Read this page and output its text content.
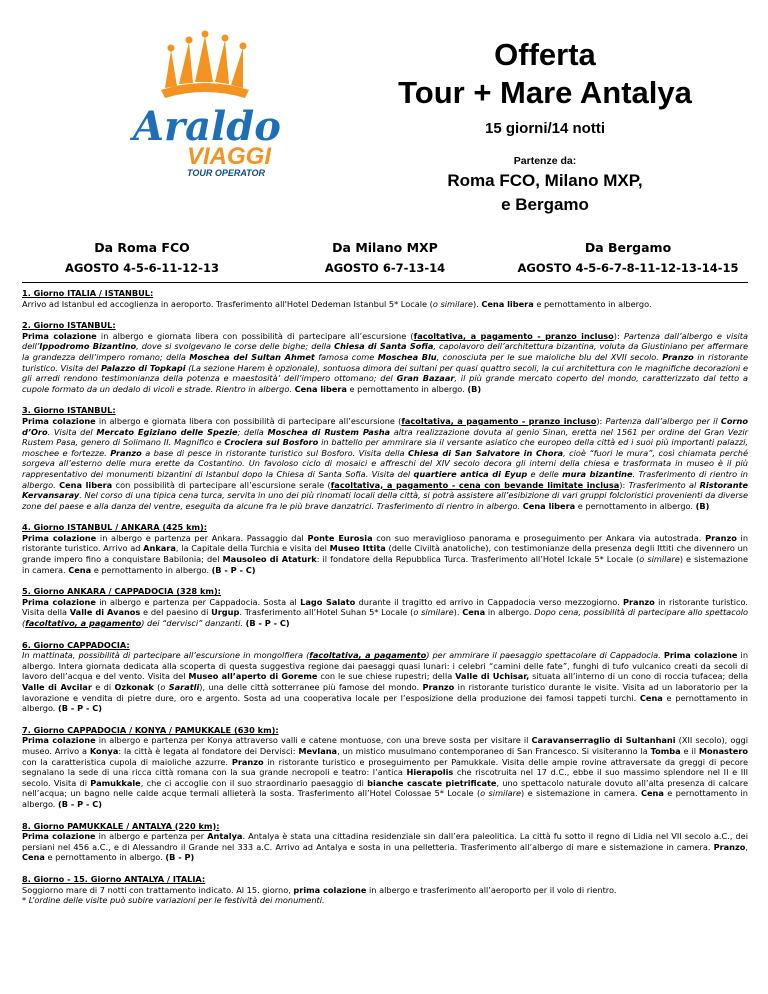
Araldo
VIAGGI
TOUR OPERATOR
Offerta
Tour + Mare Antalya
15 giorni/14 notti
Partenze da:
Roma FCO, Milano MXP,
e Bergamo
Da Roma FCO
AGOSTO 4-5-6-11-12-13
Da Milano MXP
AGOSTO 6-7-13-14
Da Bergamo
AGOSTO 4-5-6-7-8-11-12-13-14-15
1. Giorno ITALIA / ISTANBUL:

Arrivo ad Istanbul ed accoglienza in aeroporto. Trasferimento all'Hotel Dedeman Istanbul 5* Locale (o similare). Cena libera e pernottamento in albergo.

2. Giorno ISTANBUL:

Prima colazione in albergo e giornata libera con possibilità di partecipare all’escursione (facoltativa, a pagamento - pranzo incluso): Partenza dall’albergo e visita dell’Ippodromo Bizantino, dove si svolgevano le corse delle bighe; della Chiesa di Santa Sofia, capolavoro dell’architettura bizantina, voluta da Giustiniano per affermare la grandezza dell’impero romano; della Moschea del Sultan Ahmet famosa come Moschea Blu, conosciuta per le sue maioliche blu del XVII secolo. Pranzo in ristorante turistico. Visita del Palazzo di Topkapi (La sezione Harem è opzionale), sontuosa dimora dei sultani per quasi quattro secoli, la cui architettura con le magnifiche decorazioni e gli arredi rendono testimonianza della potenza e maestosità’ dell’impero ottomano; del Gran Bazaar, il più grande mercato coperto del mondo, caratterizzato dal tetto a cupole formato da un dedalo di vicoli e strade. Rientro in albergo. Cena libera e pernottamento in albergo. (B)

3. Giorno ISTANBUL:

Prima colazione in albergo e giornata libera con possibilità di partecipare all’escursione (facoltativa, a pagamento - pranzo incluso): Partenza dall’albergo per il Corno d’Oro. Visita del Mercato Egiziano delle Spezie; della Moschea di Rustem Pasha altra realizzazione dovuta al genio Sinan, eretta nel 1561 per ordine del Gran Vezir Rustem Pasa, genero di Solimano II. Magnifico e Crociera sul Bosforo in battello per ammirare sia il versante asiatico che europeo della città ed i suoi più importanti palazzi, moschee e fortezze. Pranzo a base di pesce in ristorante turistico sul Bosforo. Visita della Chiesa di San Salvatore in Chora, cioè “fuori le mura”, così chiamata perché sorgeva all’esterno delle mura erette da Costantino. Un favoloso ciclo di mosaici e affreschi del XIV secolo decora gli interni della chiesa e trasformata in museo è il più rappresentativo dei monumenti bizantini di Istanbul dopo la Chiesa di Santa Sofia. Visita del quartiere antica di Eyup e delle mura bizantine. Trasferimento di rientro in albergo. Cena libera con possibilità di partecipare all’escursione serale (facoltativa, a pagamento - cena con bevande limitate inclusa): Trasferimento al Ristorante Kervansaray. Nel corso di una tipica cena turca, servita in uno dei più rinomati locali della città, si potrà assistere all’esibizione di vari gruppi folcloristici provenienti da diverse zone del paese e alla danza del ventre, eseguita da alcune fra le più brave danzatrici. Trasferimento di rientro in albergo. Cena libera e pernottamento in albergo. (B)

4. Giorno ISTANBUL / ANKARA (425 km):

Prima colazione in albergo e partenza per Ankara. Passaggio dal Ponte Eurosia con suo meraviglioso panorama e proseguimento per Ankara via autostrada. Pranzo in ristorante turistico. Arrivo ad Ankara, la Capitale della Turchia e visita del Museo Ittita (delle Civiltà anatoliche), con testimonianze della presenza degli Ittiti che divennero un grande impero fino a conquistare Babilonia; del Mausoleo di Ataturk: il fondatore della Repubblica Turca. Trasferimento all’Hotel Ickale 5* Locale (o similare) e sistemazione in camera. Cena e pernottamento in albergo. (B - P - C)

5. Giorno ANKARA / CAPPADOCIA (328 km):

Prima colazione in albergo e partenza per Cappadocia. Sosta al Lago Salato durante il tragitto ed arrivo in Cappadocia verso mezzogiorno. Pranzo in ristorante turistico. Visita della Valle di Avanos e del paesino di Urgup. Trasferimento all’Hotel Suhan 5* Locale (o similare). Cena in albergo. Dopo cena, possibilità di partecipare allo spettacolo (facoltativo, a pagamento) dei “dervisci” danzanti. (B - P - C)

6. Giorno CAPPADOCIA:

In mattinata, possibilità di partecipare all’escursione in mongolfiera (facoltativa, a pagamento) per ammirare il paesaggio spettacolare di Cappadocia. Prima colazione in albergo. Intera giornata dedicata alla scoperta di questa suggestiva regione dai paesaggi quasi lunari: i celebri “camini delle fate”, funghi di tufo vulcanico creati da secoli di lavoro dell’acqua e del vento. Visita del Museo all’aperto di Goreme con le sue chiese rupestri; della Valle di Uchisar, situata all’interno di un cono di roccia tufacea; della Valle di Avcilar e di Ozkonak (o Saratli), una delle città sotterranee più famose del mondo. Pranzo in ristorante turistico durante le visite. Visita ad un laboratorio per la lavorazione e vendita di pietre dure, oro e argento. Sosta ad una cooperativa locale per l’esposizione della produzione dei famosi tappeti turchi. Cena e pernottamento in albergo. (B - P - C)

7. Giorno CAPPADOCIA / KONYA / PAMUKKALE (630 km):

Prima colazione in albergo e partenza per Konya attraverso valli e catene montuose, con una breve sosta per visitare il Caravanserraglio di Sultanhani (XII secolo), oggi museo. Arrivo a Konya: la città è legata al fondatore dei Dervisci: Mevlana, un mistico musulmano contemporaneo di San Francesco. Si visiteranno la Tomba e il Monastero con la caratteristica cupola di maioliche azzurre. Pranzo in ristorante turistico e proseguimento per Pamukkale. Visita delle ampie rovine attraversate da greggi di pecore segnalano la sede di una ricca città romana con la sua grande necropoli e teatro: l’antica Hierapolis che riscotruita nel 17 d.C., ebbe il suo massimo splendore nel II e III secolo. Visita di Pamukkale, che ci accoglie con il suo straordinario paesaggio di bianche cascate pietrificate, uno spettacolo naturale dovuto all’alta presenza di calcare nell’acqua; un bagno nelle calde acque termali allieterà la sosta. Trasferimento all’Hotel Colossae 5* Locale (o similare) e sistemazione in camera. Cena e pernottamento in albergo. (B - P - C)

8. Giorno PAMUKKALE / ANTALYA (220 km):

Prima colazione in albergo e partenza per Antalya. Antalya è stata una cittadina residenziale sin dall’era paleolitica. La città fu sotto il regno di Lidia nel VII secolo a.C., dei persiani nel 456 a.C., e di Alessandro il Grande nel 333 a.C. Arrivo ad Antalya e sosta in una pelletteria. Trasferimento all’albergo di mare e sistemazione in camera. Pranzo, Cena e pernottamento in albergo. (B - P)

8. Giorno - 15. Giorno ANTALYA / ITALIA:

Soggiorno mare di 7 notti con trattamento indicato. Al 15. giorno, prima colazione in albergo e trasferimento all’aeroporto per il volo di rientro.
* L’ordine delle visite può subire variazioni per le festività dei monumenti.
